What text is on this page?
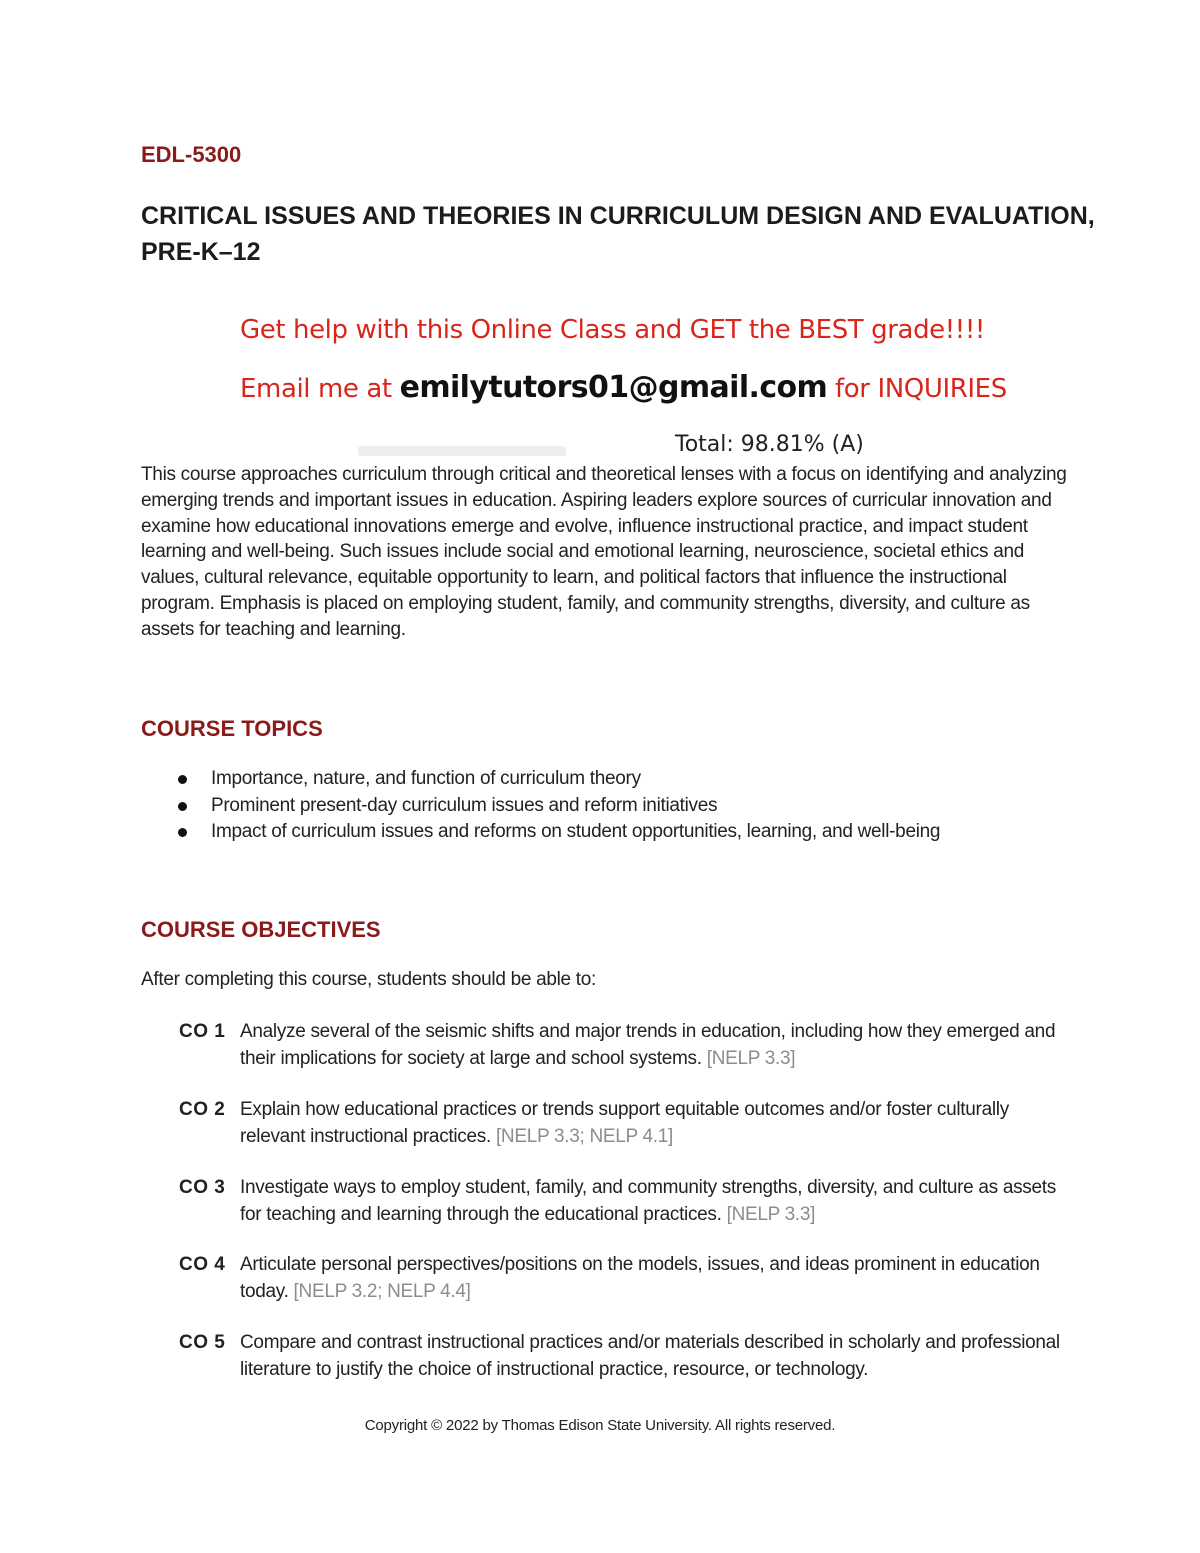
EDL-5300
CRITICAL ISSUES AND THEORIES IN CURRICULUM DESIGN AND EVALUATION, PRE-K–12
Get help with this Online Class and GET the BEST grade!!!!
Email me at emilytutors01@gmail.com for INQUIRIES
Total: 98.81% (A)
This course approaches curriculum through critical and theoretical lenses with a focus on identifying and analyzing emerging trends and important issues in education. Aspiring leaders explore sources of curricular innovation and examine how educational innovations emerge and evolve, influence instructional practice, and impact student learning and well-being. Such issues include social and emotional learning, neuroscience, societal ethics and values, cultural relevance, equitable opportunity to learn, and political factors that influence the instructional program. Emphasis is placed on employing student, family, and community strengths, diversity, and culture as assets for teaching and learning.
COURSE TOPICS
Importance, nature, and function of curriculum theory
Prominent present-day curriculum issues and reform initiatives
Impact of curriculum issues and reforms on student opportunities, learning, and well-being
COURSE OBJECTIVES
After completing this course, students should be able to:
CO 1 Analyze several of the seismic shifts and major trends in education, including how they emerged and their implications for society at large and school systems. [NELP 3.3]
CO 2 Explain how educational practices or trends support equitable outcomes and/or foster culturally relevant instructional practices. [NELP 3.3; NELP 4.1]
CO 3 Investigate ways to employ student, family, and community strengths, diversity, and culture as assets for teaching and learning through the educational practices. [NELP 3.3]
CO 4 Articulate personal perspectives/positions on the models, issues, and ideas prominent in education today. [NELP 3.2; NELP 4.4]
CO 5 Compare and contrast instructional practices and/or materials described in scholarly and professional literature to justify the choice of instructional practice, resource, or technology.
Copyright © 2022 by Thomas Edison State University. All rights reserved.
